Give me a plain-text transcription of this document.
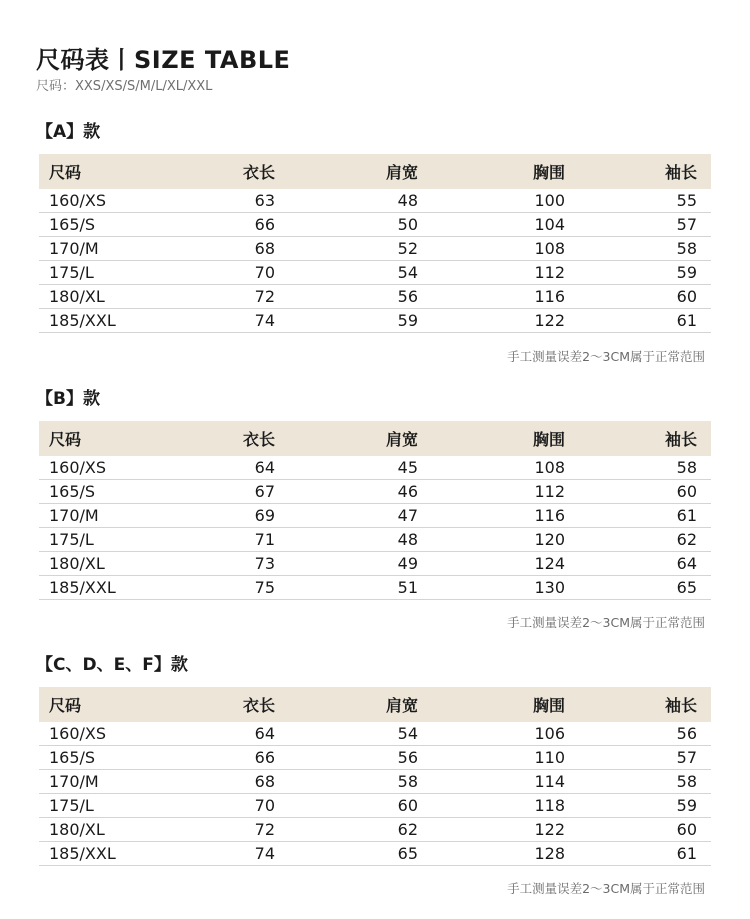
尺码表丨SIZE TABLE
尺码：XXS/XS/S/M/L/XL/XXL
【A】款
尺码	衣长	肩宽	胸围	袖长
160/XS	63	48	100	55
165/S	66	50	104	57
170/M	68	52	108	58
175/L	70	54	112	59
180/XL	72	56	116	60
185/XXL	74	59	122	61
手工测量误差2～3CM属于正常范围
【B】款
尺码	衣长	肩宽	胸围	袖长
160/XS	64	45	108	58
165/S	67	46	112	60
170/M	69	47	116	61
175/L	71	48	120	62
180/XL	73	49	124	64
185/XXL	75	51	130	65
手工测量误差2～3CM属于正常范围
【C、D、E、F】款
尺码	衣长	肩宽	胸围	袖长
160/XS	64	54	106	56
165/S	66	56	110	57
170/M	68	58	114	58
175/L	70	60	118	59
180/XL	72	62	122	60
185/XXL	74	65	128	61
手工测量误差2～3CM属于正常范围
